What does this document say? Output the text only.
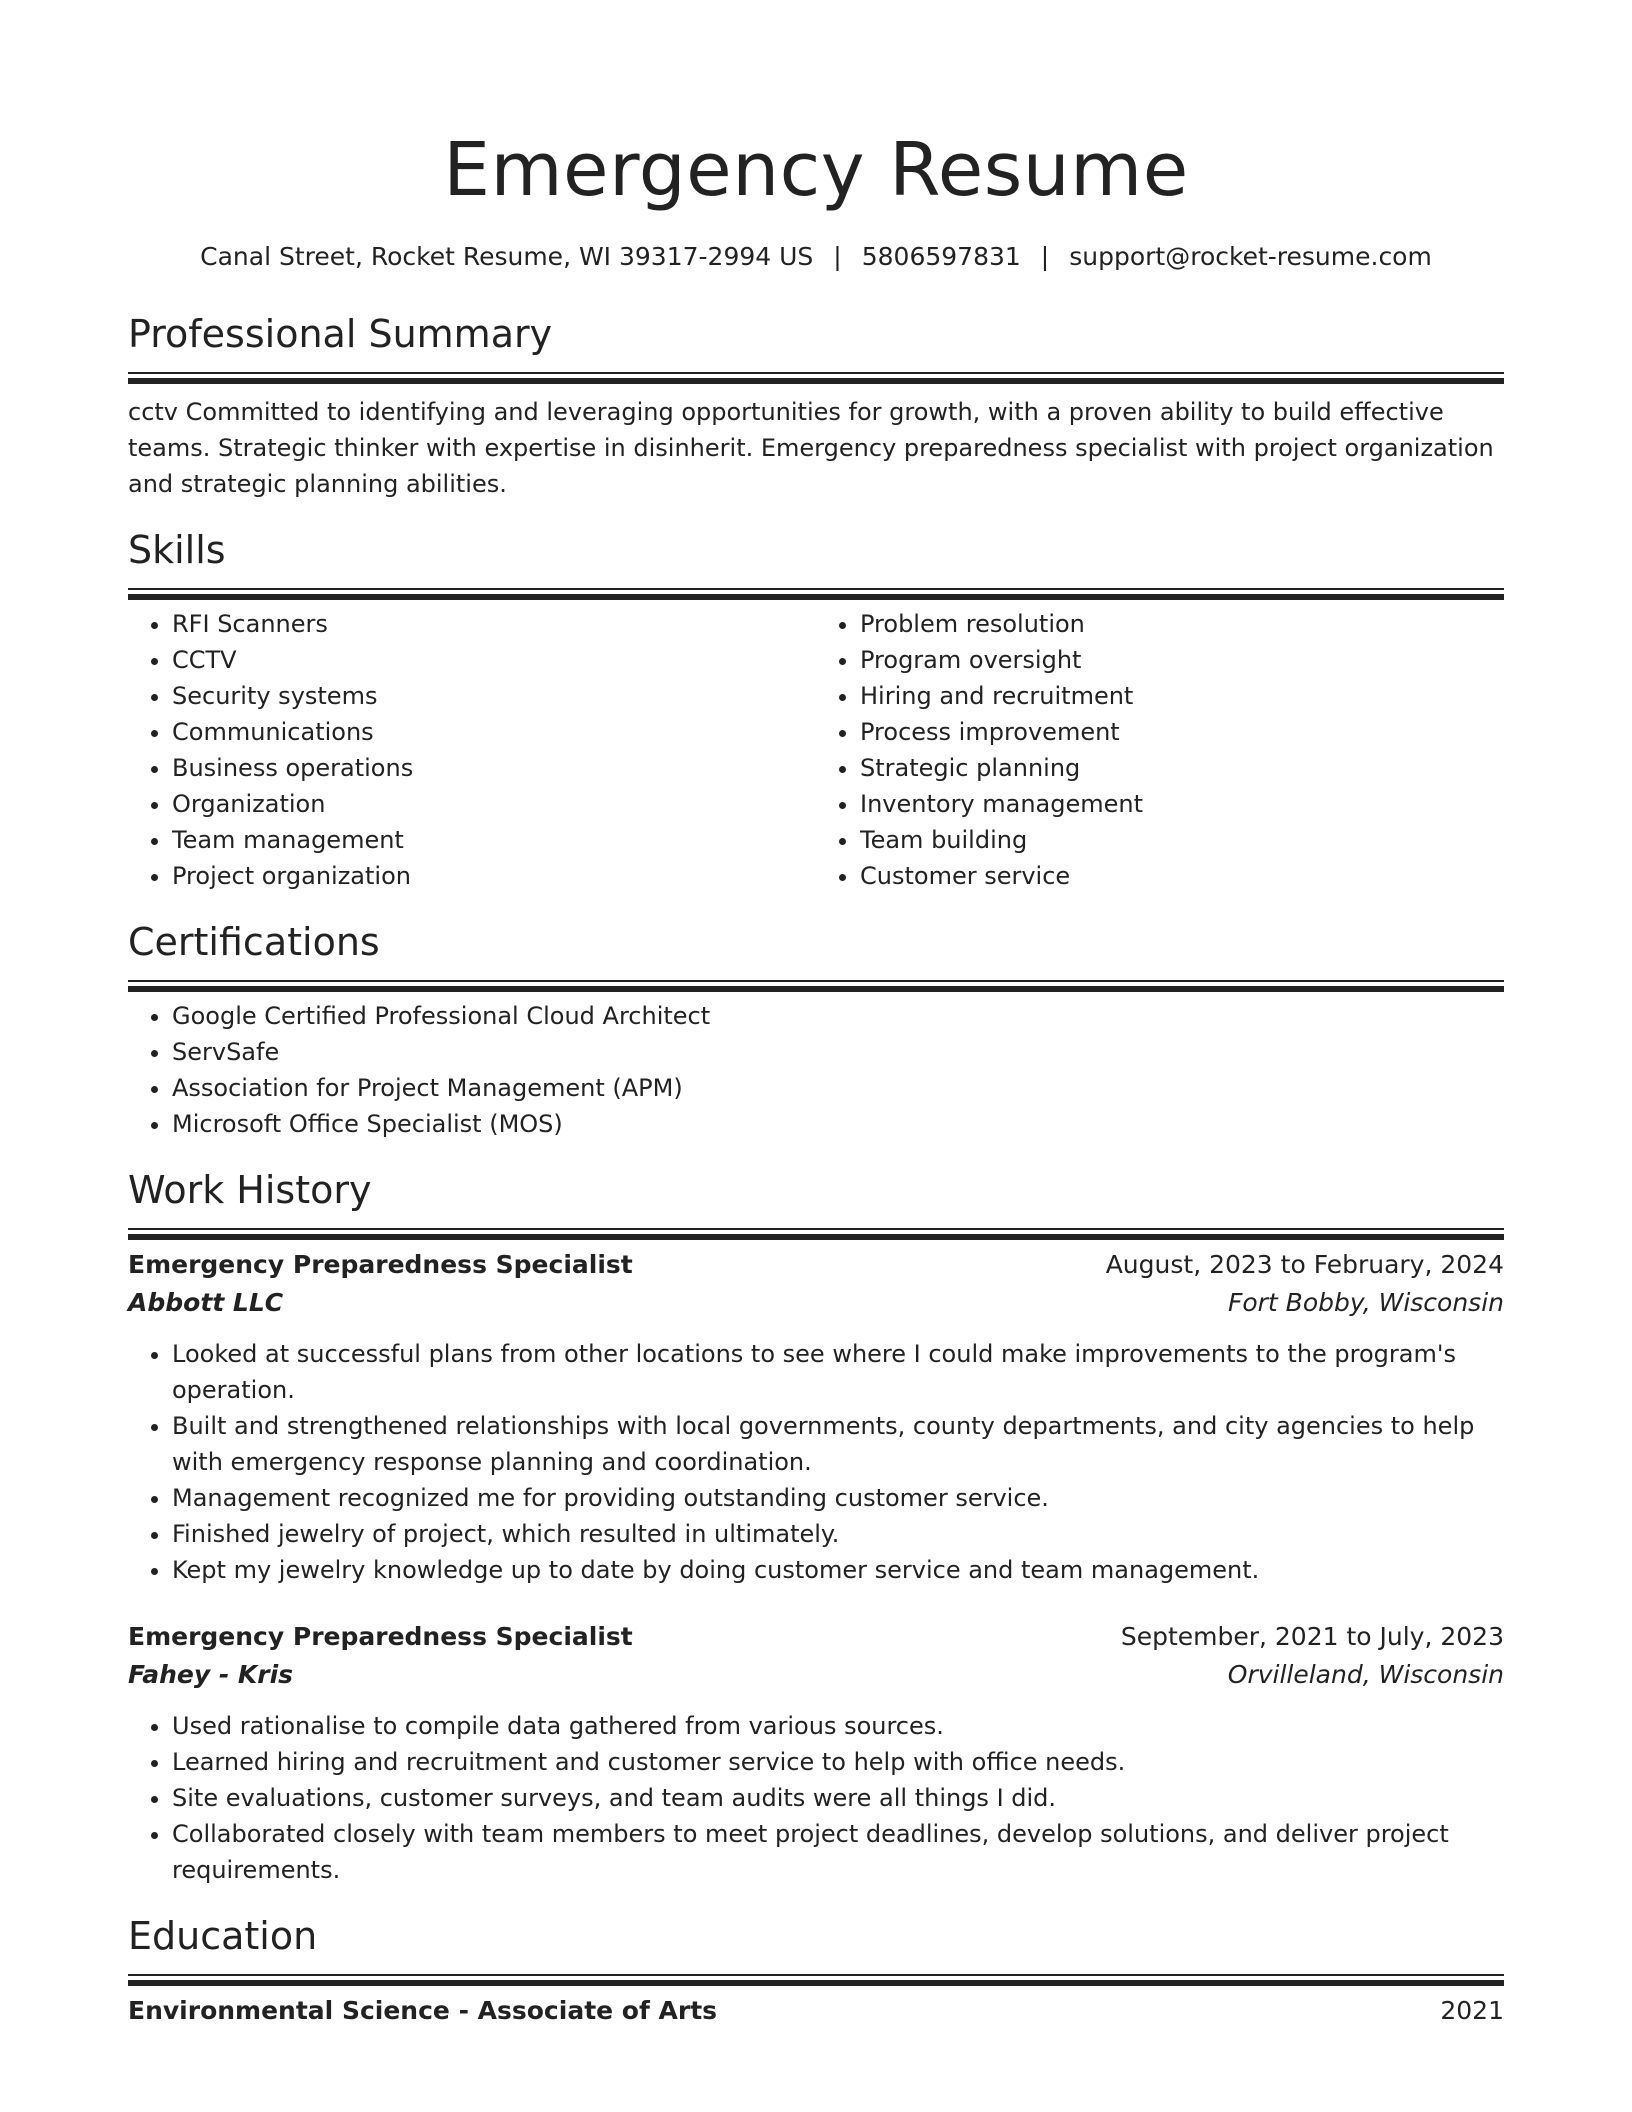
Emergency Resume
Canal Street, Rocket Resume, WI 39317-2994 US | 5806597831 | support@rocket-resume.com
Professional Summary

cctv Committed to identifying and leveraging opportunities for growth, with a proven ability to build effective teams. Strategic thinker with expertise in disinherit. Emergency preparedness specialist with project organization and strategic planning abilities.

Skills
• RFI Scanners
• CCTV
• Security systems
• Communications
• Business operations
• Organization
• Team management
• Project organization
• Problem resolution
• Program oversight
• Hiring and recruitment
• Process improvement
• Strategic planning
• Inventory management
• Team building
• Customer service
Certifications
• Google Certified Professional Cloud Architect
• ServSafe
• Association for Project Management (APM)
• Microsoft Office Specialist (MOS)
Work History
Emergency Preparedness Specialist	August, 2023 to February, 2024
Abbott LLC	Fort Bobby, Wisconsin
• Looked at successful plans from other locations to see where I could make improvements to the program's operation.
• Built and strengthened relationships with local governments, county departments, and city agencies to help with emergency response planning and coordination.
• Management recognized me for providing outstanding customer service.
• Finished jewelry of project, which resulted in ultimately.
• Kept my jewelry knowledge up to date by doing customer service and team management.
Emergency Preparedness Specialist	September, 2021 to July, 2023
Fahey - Kris	Orvilleland, Wisconsin
• Used rationalise to compile data gathered from various sources.
• Learned hiring and recruitment and customer service to help with office needs.
• Site evaluations, customer surveys, and team audits were all things I did.
• Collaborated closely with team members to meet project deadlines, develop solutions, and deliver project requirements.
Education
Environmental Science - Associate of Arts	2021
